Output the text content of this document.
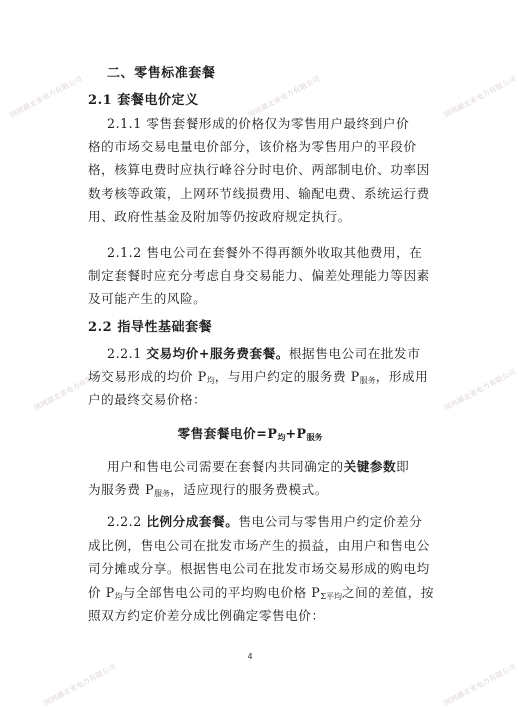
国网湖北省电力有限公司	国网湖北省电力有限公司	国网湖北省电力有限公司
国网湖北省电力有限公司	国网湖北省电力有限公司
国网湖北省电力有限公司	国网湖北省电力有限公司
二、零售标准套餐
2.1 套餐电价定义
2.1.1 零售套餐形成的价格仅为零售用户最终到户价
格的市场交易电量电价部分，该价格为零售用户的平段价
格，核算电费时应执行峰谷分时电价、两部制电价、功率因
数考核等政策，上网环节线损费用、输配电费、系统运行费
用、政府性基金及附加等仍按政府规定执行。
2.1.2 售电公司在套餐外不得再额外收取其他费用，在
制定套餐时应充分考虑自身交易能力、偏差处理能力等因素
及可能产生的风险。
2.2 指导性基础套餐
2.2.1 交易均价+服务费套餐。根据售电公司在批发市
场交易形成的均价 $P_均$，与用户约定的服务费 $P_{服务}$，形成用
户的最终交易价格：
零售套餐电价$=P_均+P_{服务}$
用户和售电公司需要在套餐内共同确定的关键参数即
为服务费 $P_{服务}$，适应现行的服务费模式。
2.2.2 比例分成套餐。售电公司与零售用户约定价差分
成比例，售电公司在批发市场产生的损益，由用户和售电公
司分摊或分享。根据售电公司在批发市场交易形成的购电均
价 $P_均$与全部售电公司的平均购电价格 $P_{\Sigma 平均}$之间的差值，按
照双方约定价差分成比例确定零售电价：
4
